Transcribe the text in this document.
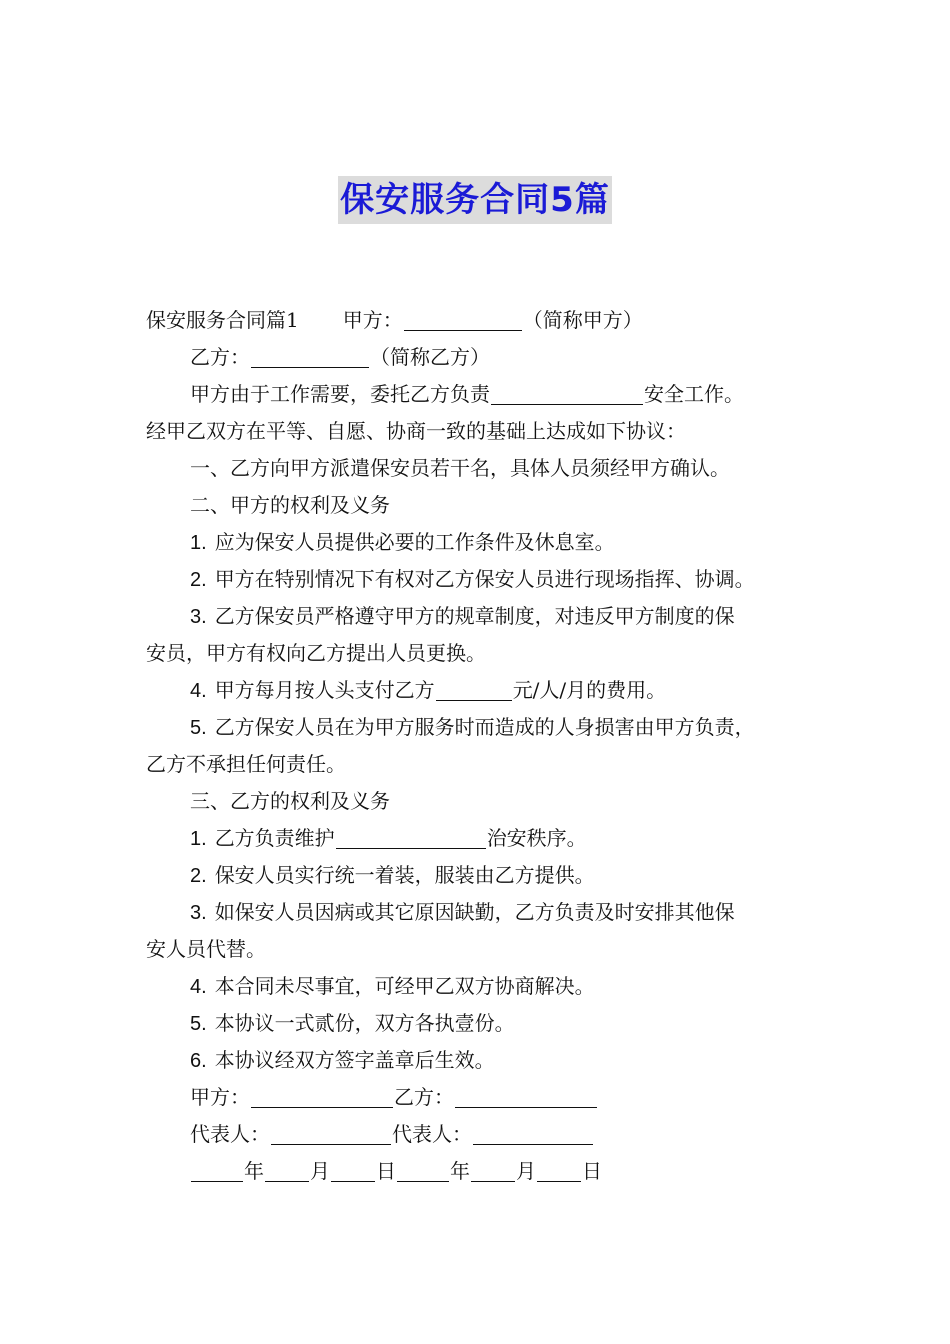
保安服务合同5篇
保安服务合同篇1 甲方：	（简称甲方）
乙方：	（简称乙方）
甲方由于工作需要，委托乙方负责	安全工作。
经甲乙双方在平等、自愿、协商一致的基础上达成如下协议：
一、乙方向甲方派遣保安员若干名，具体人员须经甲方确认。
二、甲方的权利及义务
1. 应为保安人员提供必要的工作条件及休息室。
2. 甲方在特别情况下有权对乙方保安人员进行现场指挥、协调。
3. 乙方保安员严格遵守甲方的规章制度，对违反甲方制度的保
安员，甲方有权向乙方提出人员更换。
4. 甲方每月按人头支付乙方	元/人/月的费用。
5. 乙方保安人员在为甲方服务时而造成的人身损害由甲方负责，
乙方不承担任何责任。
三、乙方的权利及义务
1. 乙方负责维护	治安秩序。
2. 保安人员实行统一着装，服装由乙方提供。
3. 如保安人员因病或其它原因缺勤，乙方负责及时安排其他保
安人员代替。
4. 本合同未尽事宜，可经甲乙双方协商解决。
5. 本协议一式贰份，双方各执壹份。
6. 本协议经双方签字盖章后生效。
甲方：	乙方：
代表人：	代表人：
年 月 日	年 月 日
